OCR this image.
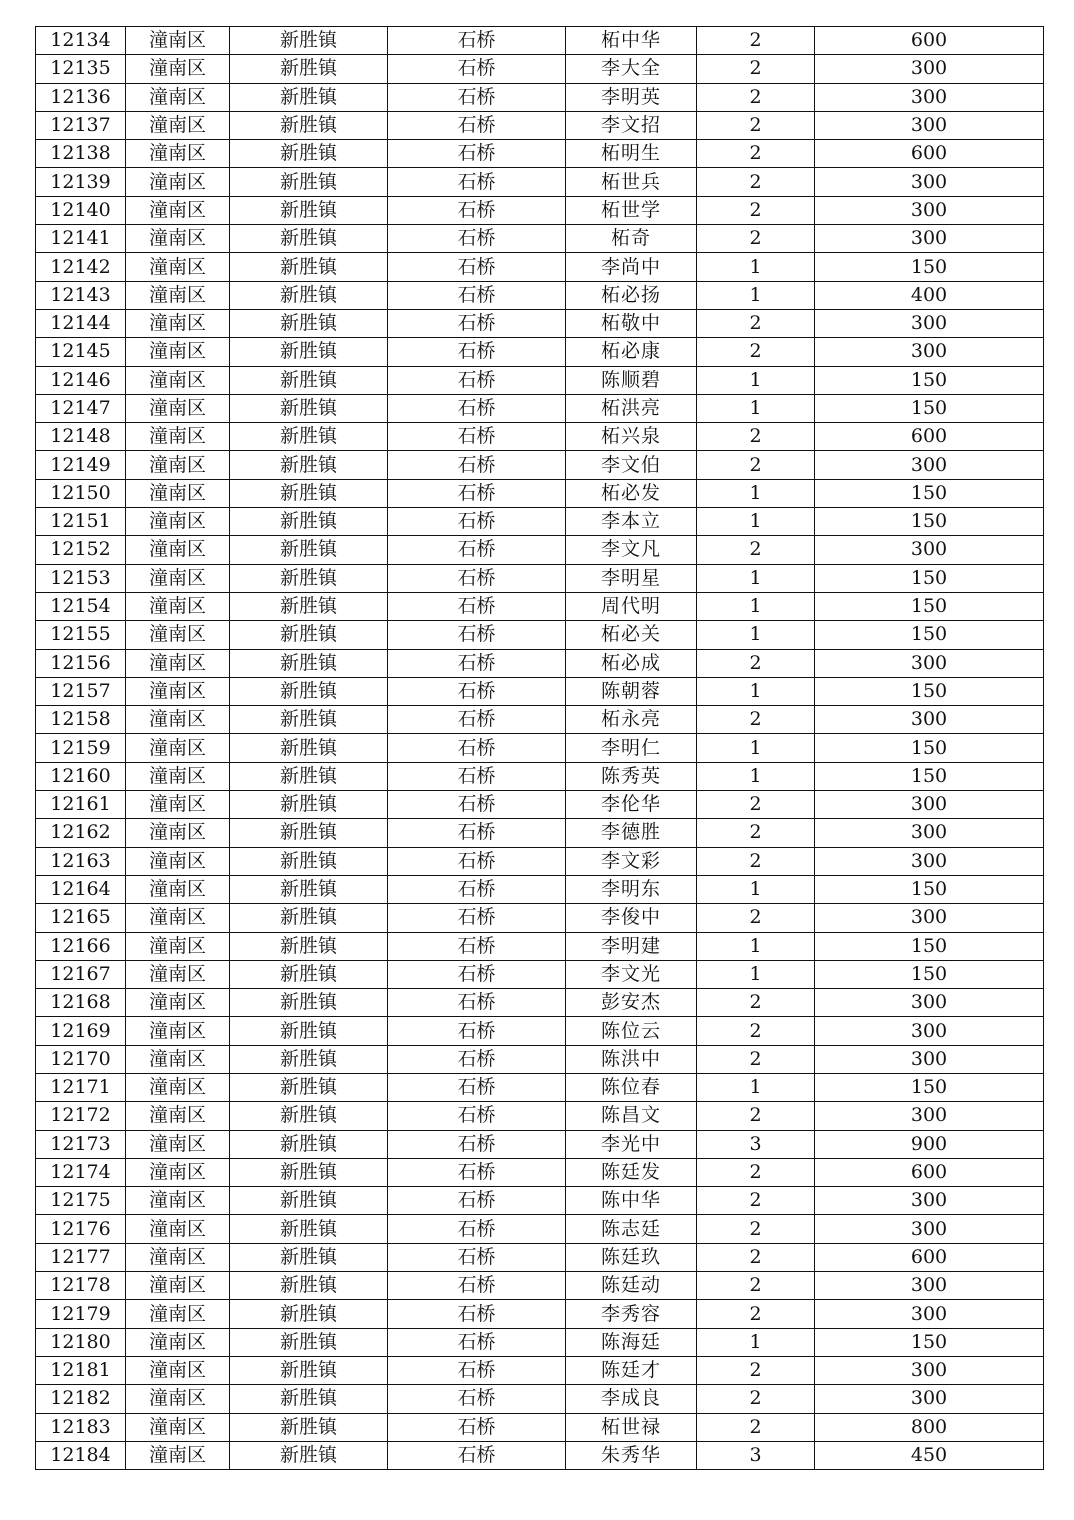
12134	潼南区	新胜镇	石桥	柘中华	2	600
12135	潼南区	新胜镇	石桥	李大全	2	300
12136	潼南区	新胜镇	石桥	李明英	2	300
12137	潼南区	新胜镇	石桥	李文招	2	300
12138	潼南区	新胜镇	石桥	柘明生	2	600
12139	潼南区	新胜镇	石桥	柘世兵	2	300
12140	潼南区	新胜镇	石桥	柘世学	2	300
12141	潼南区	新胜镇	石桥	柘奇	2	300
12142	潼南区	新胜镇	石桥	李尚中	1	150
12143	潼南区	新胜镇	石桥	柘必扬	1	400
12144	潼南区	新胜镇	石桥	柘敬中	2	300
12145	潼南区	新胜镇	石桥	柘必康	2	300
12146	潼南区	新胜镇	石桥	陈顺碧	1	150
12147	潼南区	新胜镇	石桥	柘洪亮	1	150
12148	潼南区	新胜镇	石桥	柘兴泉	2	600
12149	潼南区	新胜镇	石桥	李文伯	2	300
12150	潼南区	新胜镇	石桥	柘必发	1	150
12151	潼南区	新胜镇	石桥	李本立	1	150
12152	潼南区	新胜镇	石桥	李文凡	2	300
12153	潼南区	新胜镇	石桥	李明星	1	150
12154	潼南区	新胜镇	石桥	周代明	1	150
12155	潼南区	新胜镇	石桥	柘必关	1	150
12156	潼南区	新胜镇	石桥	柘必成	2	300
12157	潼南区	新胜镇	石桥	陈朝蓉	1	150
12158	潼南区	新胜镇	石桥	柘永亮	2	300
12159	潼南区	新胜镇	石桥	李明仁	1	150
12160	潼南区	新胜镇	石桥	陈秀英	1	150
12161	潼南区	新胜镇	石桥	李伦华	2	300
12162	潼南区	新胜镇	石桥	李德胜	2	300
12163	潼南区	新胜镇	石桥	李文彩	2	300
12164	潼南区	新胜镇	石桥	李明东	1	150
12165	潼南区	新胜镇	石桥	李俊中	2	300
12166	潼南区	新胜镇	石桥	李明建	1	150
12167	潼南区	新胜镇	石桥	李文光	1	150
12168	潼南区	新胜镇	石桥	彭安杰	2	300
12169	潼南区	新胜镇	石桥	陈位云	2	300
12170	潼南区	新胜镇	石桥	陈洪中	2	300
12171	潼南区	新胜镇	石桥	陈位春	1	150
12172	潼南区	新胜镇	石桥	陈昌文	2	300
12173	潼南区	新胜镇	石桥	李光中	3	900
12174	潼南区	新胜镇	石桥	陈廷发	2	600
12175	潼南区	新胜镇	石桥	陈中华	2	300
12176	潼南区	新胜镇	石桥	陈志廷	2	300
12177	潼南区	新胜镇	石桥	陈廷玖	2	600
12178	潼南区	新胜镇	石桥	陈廷动	2	300
12179	潼南区	新胜镇	石桥	李秀容	2	300
12180	潼南区	新胜镇	石桥	陈海廷	1	150
12181	潼南区	新胜镇	石桥	陈廷才	2	300
12182	潼南区	新胜镇	石桥	李成良	2	300
12183	潼南区	新胜镇	石桥	柘世禄	2	800
12184	潼南区	新胜镇	石桥	朱秀华	3	450
